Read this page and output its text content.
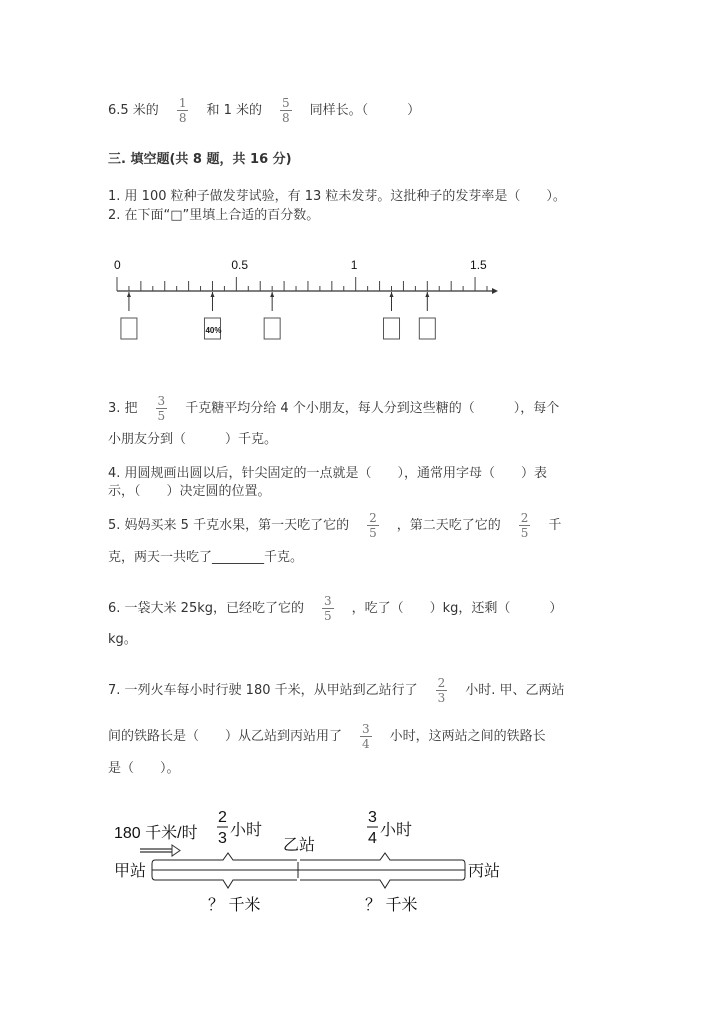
6.5 米的 $\frac{1}{8}$ 和 1 米的 $\frac{5}{8}$ 同样长。（　　　）
三. 填空题(共 8 题，共 16 分)
1. 用 100 粒种子做发芽试验，有 13 粒未发芽。这批种子的发芽率是（　　）。
2. 在下面“□”里填上合适的百分数。
0	0.5	1	1.5
40%
3. 把 $\frac{3}{5}$ 千克糖平均分给 4 个小朋友，每人分到这些糖的（　　　），每个
小朋友分到（　　　）千克。
4. 用圆规画出圆以后，针尖固定的一点就是（　　），通常用字母（　　）表
示，（　　）决定圆的位置。
5. 妈妈买来 5 千克水果，第一天吃了它的 $\frac{2}{5}$ ，第二天吃了它的 $\frac{2}{5}$ 千
克，两天一共吃了________千克。
6. 一袋大米 25kg，已经吃了它的 $\frac{3}{5}$ ，吃了（　　）kg，还剩（　　　）
kg。
7. 一列火车每小时行驶 180 千米，从甲站到乙站行了 $\frac{2}{3}$ 小时. 甲、乙两站
间的铁路长是（　　）从乙站到丙站用了 $\frac{3}{4}$ 小时，这两站之间的铁路长
是（　　）。
180 千米/时
2
3 小时
3
4 小时
乙站
甲站	丙站
？ 千米	？ 千米
